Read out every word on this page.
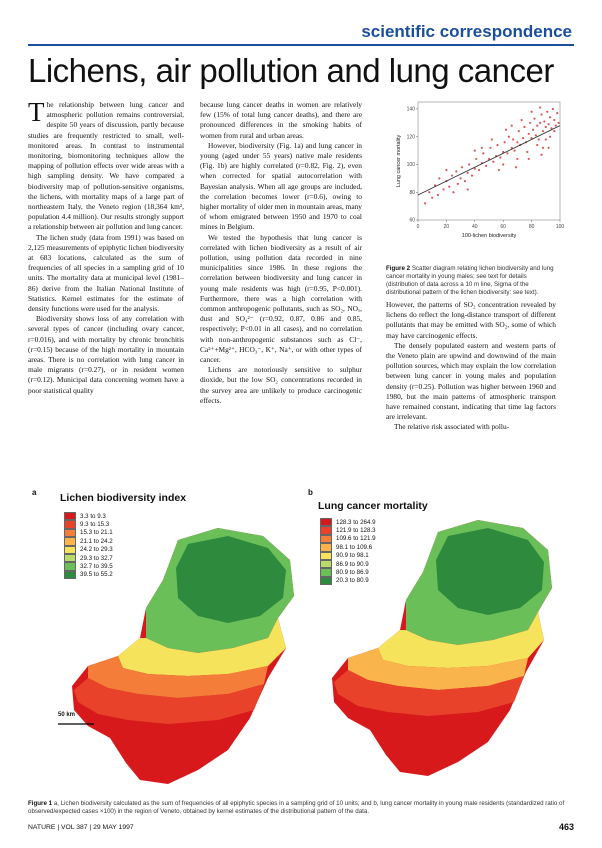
scientific correspondence
Lichens, air pollution and lung cancer
T he relationship between lung cancer and atmospheric pollution remains controversial, despite 50 years of discussion, partly because studies are frequently restricted to small, well-monitored areas. In contrast to instrumental monitoring, biomonitoring techniques allow the mapping of pollution effects over wide areas with a high sampling density. We have compared a biodiversity map of pollution-sensitive organisms, the lichens, with mortality maps of a large part of northeastern Italy, the Veneto region (18,364 km², population 4.4 million). Our results strongly support a relationship between air pollution and lung cancer.

The lichen study (data from 1991) was based on 2,125 measurements of epiphytic lichen biodiversity at 683 locations, calculated as the sum of frequencies of all species in a sampling grid of 10 units. The mortality data at municipal level (1981–86) derive from the Italian National Institute of Statistics. Kernel estimates for the estimate of density functions were used for the analysis.

Biodiversity shows loss of any correlation with several types of cancer (including ovary cancer, r=0.016), and with mortality by chronic bronchitis (r=0.15) because of the high mortality in mountain areas. There is no correlation with lung cancer in male migrants (r=0.27), or in resident women (r=0.12). Municipal data concerning women have a poor statistical quality

because lung cancer deaths in women are relatively few (15% of total lung cancer deaths), and there are pronounced differences in the smoking habits of women from rural and urban areas.

However, biodiversity (Fig. 1a) and lung cancer in young (aged under 55 years) native male residents (Fig. 1b) are highly correlated (r=0.82, Fig. 2), even when corrected for spatial autocorrelation with Bayesian analysis. When all age groups are included, the correlation becomes lower (r=0.6), owing to higher mortality of older men in mountain areas, many of whom emigrated between 1950 and 1970 to coal mines in Belgium.

We tested the hypothesis that lung cancer is correlated with lichen biodiversity as a result of air pollution, using pollution data recorded in nine municipalities since 1986. In these regions the correlation between biodiversity and lung cancer in young male residents was high (r=0.95, P<0.001). Furthermore, there was a high correlation with common anthropogenic pollutants, such as SO₂, NOₓ, dust and SO₄²⁻ (r=0.92, 0.87, 0.86 and 0.85, respectively; P<0.01 in all cases), and no correlation with non-anthropogenic substances such as Cl⁻, Ca²⁺+Mg²⁺, HCO₃⁻, K⁺, Na⁺, or with other types of cancer.

Lichens are notoriously sensitive to sulphur dioxide, but the low SO₂ concentrations recorded in the survey area are unlikely to produce carcinogenic effects.

0	20	40	60	80	100
60
80
100
120
140
100-lichen biodiversity
Lung cancer mortality
Figure 2 Scatter diagram relating lichen biodiversity and lung cancer mortality in young males; see text for details (distribution of data across a 10 m line, Sigma of the distributional pattern of the lichen biodiversity: see text).

However, the patterns of SO₂ concentration revealed by lichens do reflect the long-distance transport of different pollutants that may be emitted with SO₂, some of which may have carcinogenic effects.

The densely populated eastern and western parts of the Veneto plain are upwind and downwind of the main pollution sources, which may explain the low correlation between lung cancer in young males and population density (r=0.25). Pollution was higher between 1960 and 1980, but the main patterns of atmospheric transport have remained constant, indicating that time lag factors are irrelevant.

The relative risk associated with pollu-

Lichen biodiversity index
Lung cancer mortality
a	b
50 km
3.3 to 9.3
9.3 to 15.3
15.3 to 21.1
21.1 to 24.2
24.2 to 29.3
29.3 to 32.7
32.7 to 39.5
39.5 to 55.2
128.3 to 264.9
121.9 to 128.3
109.6 to 121.9
98.1 to 109.6
90.9 to 98.1
86.9 to 90.9
80.9 to 86.9
20.3 to 80.9
Figure 1 a, Lichen biodiversity calculated as the sum of frequencies of all epiphytic species in a sampling grid of 10 units; and b, lung cancer mortality in young male residents (standardized ratio of observed/expected cases ×100) in the region of Veneto, obtained by kernel estimates of the distributional pattern of the data.
NATURE | VOL 387 | 29 MAY 1997	463
